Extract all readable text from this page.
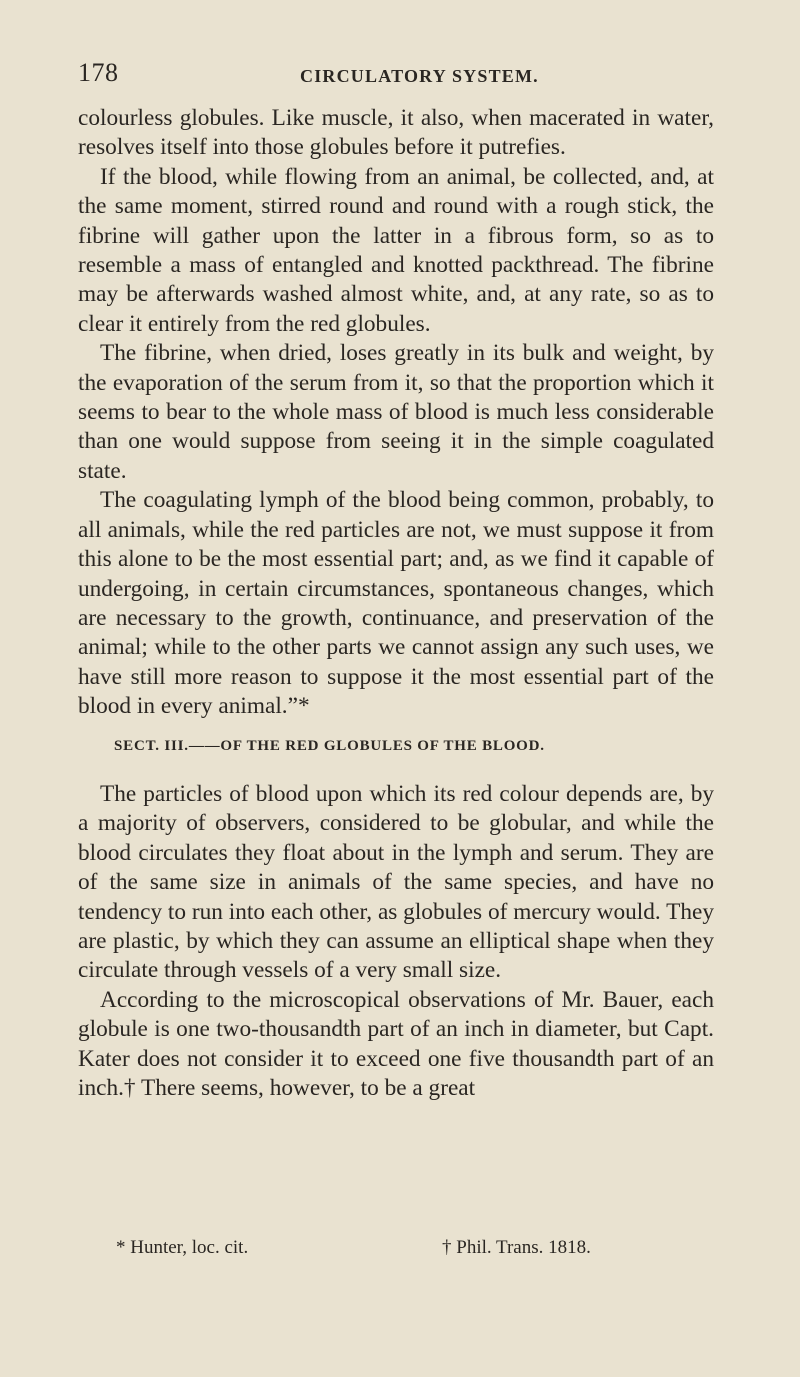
178	CIRCULATORY SYSTEM.

colourless globules. Like muscle, it also, when macerated in water, resolves itself into those globules before it putrefies.

If the blood, while flowing from an animal, be collected, and, at the same moment, stirred round and round with a rough stick, the fibrine will gather upon the latter in a fibrous form, so as to resemble a mass of entangled and knotted packthread. The fibrine may be afterwards washed almost white, and, at any rate, so as to clear it entirely from the red globules.

The fibrine, when dried, loses greatly in its bulk and weight, by the evaporation of the serum from it, so that the proportion which it seems to bear to the whole mass of blood is much less considerable than one would suppose from seeing it in the simple coagulated state.

The coagulating lymph of the blood being common, probably, to all animals, while the red particles are not, we must suppose it from this alone to be the most essential part; and, as we find it capable of undergoing, in certain circumstances, spontaneous changes, which are necessary to the growth, continuance, and preservation of the animal; while to the other parts we cannot assign any such uses, we have still more reason to suppose it the most essential part of the blood in every animal.”*

SECT. III.——OF THE RED GLOBULES OF THE BLOOD.

The particles of blood upon which its red colour depends are, by a majority of observers, considered to be globular, and while the blood circulates they float about in the lymph and serum. They are of the same size in animals of the same species, and have no tendency to run into each other, as globules of mercury would. They are plastic, by which they can assume an elliptical shape when they circulate through vessels of a very small size.

According to the microscopical observations of Mr. Bauer, each globule is one two-thousandth part of an inch in diameter, but Capt. Kater does not consider it to exceed one five thousandth part of an inch.† There seems, however, to be a great

* Hunter, loc. cit.	† Phil. Trans. 1818.
